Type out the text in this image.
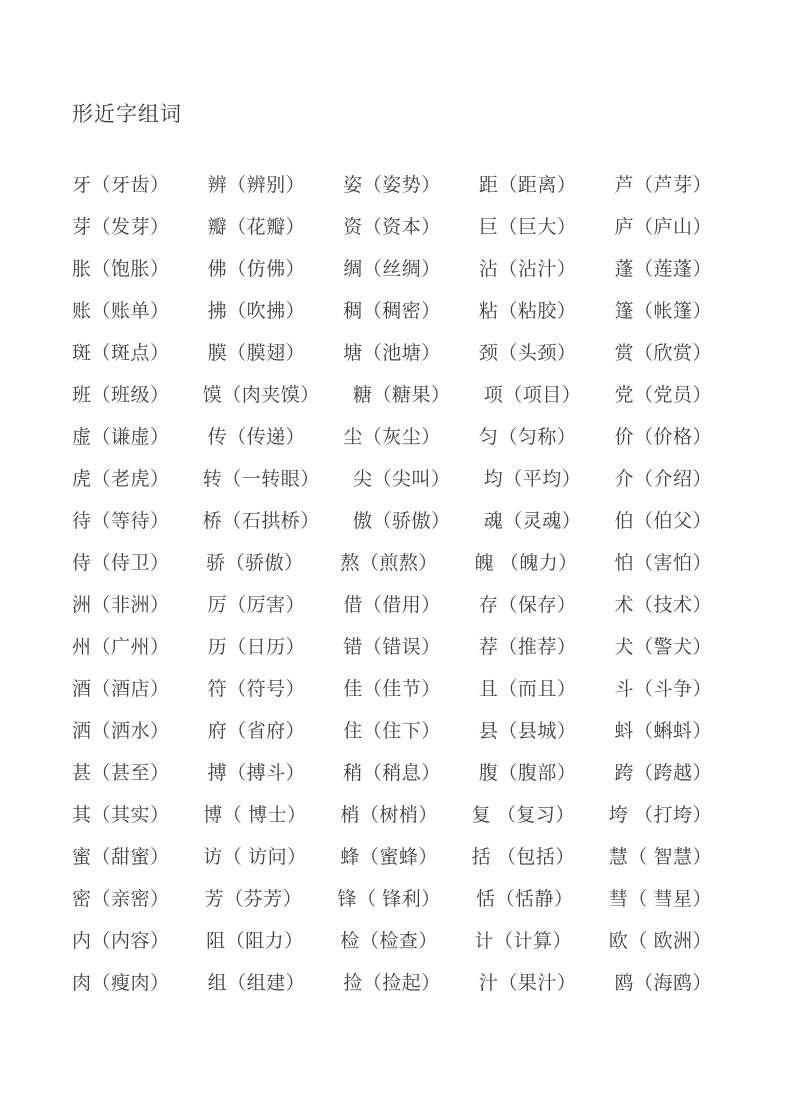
形近字组词
牙（牙齿） 辨（辨别） 姿（姿势） 距（距离） 芦（芦芽）
芽（发芽） 瓣（花瓣） 资（资本） 巨（巨大） 庐（庐山）
胀（饱胀） 佛（仿佛） 绸（丝绸） 沾（沾汁） 蓬（莲蓬）
账（账单） 拂（吹拂） 稠（稠密） 粘（粘胶） 篷（帐篷）
斑（斑点） 膜（膜翅） 塘（池塘） 颈（头颈） 赏（欣赏）
班（班级） 馍（肉夹馍） 糖（糖果） 项（项目） 党（党员）
虚（谦虚） 传（传递） 尘（灰尘） 匀（匀称） 价（价格）
虎（老虎） 转（一转眼） 尖（尖叫） 均（平均） 介（介绍）
待（等待） 桥（石拱桥） 傲（骄傲） 魂（灵魂） 伯（伯父）
侍（侍卫） 骄（骄傲） 熬（煎熬） 魄 （魄力） 怕（害怕）
洲（非洲） 厉（厉害） 借（借用） 存（保存） 术（技术）
州（广州） 历（日历） 错（错误） 荐（推荐） 犬（警犬）
酒（酒店） 符（符号） 佳（佳节） 且（而且） 斗（斗争）
洒（洒水） 府（省府） 住（住下） 县（县城） 蚪（蝌蚪）
甚（甚至） 搏（搏斗） 稍（稍息） 腹（腹部） 跨（跨越）
其（其实） 博（ 博士） 梢（树梢） 复 （复习） 垮 （打垮）
蜜（甜蜜） 访（ 访问） 蜂（蜜蜂） 括 （包括） 慧（ 智慧）
密（亲密） 芳（芬芳） 锋（ 锋利） 恬（恬静） 彗（ 彗星）
内（内容） 阻（阻力） 检（检查） 计（计算） 欧（ 欧洲）
肉（瘦肉） 组（组建） 捡（捡起） 汁（果汁） 鸥（海鸥）
